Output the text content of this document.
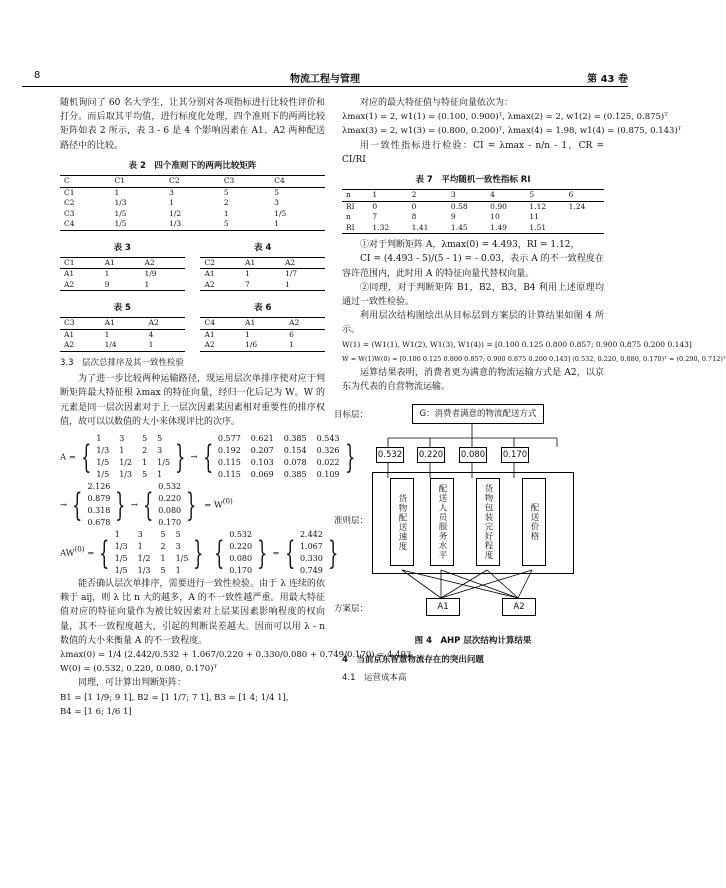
8	物流工程与管理	第 43 卷

随机询问了 60 名大学生，让其分别对各项指标进行比较性评价和打分。而后取其平均值，进行标度化处理，四个准则下的两两比较矩阵如表 2 所示，表 3 - 6 是 4 个影响因素在 A1、A2 两种配送路径中的比较。

表 2　四个准则下的两两比较矩阵
C	C1	C2	C3	C4
C1	1	3	5	5
C2	1/3	1	2	3
C3	1/5	1/2	1	1/5
C4	1/5	1/3	5	1
表 3
C1	A1	A2
A1	1	1/9
A2	9	1
表 4
C2	A1	A2
A1	1	1/7
A2	7	1
表 5
C3	A1	A2
A1	1	4
A2	1/4	1
表 6
C4	A1	A2
A1	1	6
A2	1/6	1
3.3　层次总排序及其一致性检验

为了进一步比较两种运输路径，现运用层次单排序使对应于判断矩阵最大特征根 λmax 的特征向量，经归一化后记为 W。W 的元素是同一层次因素对于上一层次因素某因素相对重要性的排序权值，故可以以数值的大小来体现评比的次序。

A = { 1	3	5 5
1/3 1	2 3
1/5 1/2 1 1/5
1/5 1/3 5 1 } → { 0.577 0.621 0.385 0.543
0.192 0.207 0.154 0.326
0.115 0.103 0.078 0.022
0.115 0.069 0.385 0.109 }
→ { 2.126
0.879
0.318
0.678 } → { 0.532
0.220
0.080
0.170 } = $W^{(0)}$
$AW^{(0)}$ = { 1	3	5 5
1/3 1	2 3
1/5 1/2 1 1/5
1/5 1/3 5 1 } { 0.532
0.220
0.080
0.170 } = { 2.442
1.067
0.330
0.749 }

能否确认层次单排序，需要进行一致性检验。由于 λ 连续的依赖于 aij，则 λ 比 n 大的越多，A 的不一致性越严重。用最大特征值对应的特征向量作为被比较因素对上层某因素影响程度的权向量，其不一致程度越大，引起的判断误差越大。因而可以用 λ - n 数值的大小来衡量 A 的不一致程度。

λmax(0) = 1/4 (2.442/0.532 + 1.067/0.220 + 0.330/0.080 + 0.749/0.170) = 4.493
W(0) = (0.532, 0.220, 0.080, 0.170)ᵀ

同理，可计算出判断矩阵：

B1 = [1 1/9; 9 1], B2 = [1 1/7; 7 1], B3 = [1 4; 1/4 1],
B4 = [1 6; 1/6 1]

对应的最大特征值与特征向量依次为：

λmax(1) = 2, w1(1) = (0.100, 0.900)ᵀ, λmax(2) = 2, w1(2) = (0.125, 0.875)ᵀ
λmax(3) = 2, w1(3) = (0.800, 0.200)ᵀ, λmax(4) = 1.98, w1(4) = (0.875, 0.143)ᵀ

用一致性指标进行检验：CI = λmax - n/n - 1，CR = CI/RI

表 7　平均随机一致性指标 RI
n	1	2	3	4	5	6
RI	0	0	0.58	0.90	1.12	1.24
n	7	8	9	10	11	
RI	1.32	1.41	1.45	1.49	1.51	

①对于判断矩阵 A，λmax(0) = 4.493，RI = 1.12，

CI = (4.493 - 5)/(5 - 1) = - 0.03，表示 A 的不一致程度在容许范围内，此时用 A 的特征向量代替权向量。

②同理，对于判断矩阵 B1，B2，B3，B4 利用上述原理均通过一致性检验。

利用层次结构图绘出从目标层到方案层的计算结果如图 4 所示。

W(1) = (W1(1), W1(2), W1(3), W1(4)) = [0.100 0.125 0.800 0.857; 0.900 0.875 0.200 0.143]
W = W(1)W(0) = [0.100 0.125 0.800 0.857; 0.900 0.875 0.200 0.143] (0.532, 0.220, 0.080, 0.170)ᵀ = (0.290, 0.712)ᵀ

运算结果表明，消费者更为满意的物流运输方式是 A2，以京东为代表的自营物流运输。

目标层：	G：消费者满意的物流配送方式
0.532 0.220 0.080 0.170
准则层：	货物配送速度	配送人员服务水平	货物包装完好程度	配送价格
方案层：	A1	A2
图 4　AHP 层次结构计算结果
4　当前京东智慧物流存在的突出问题
4.1　运营成本高
